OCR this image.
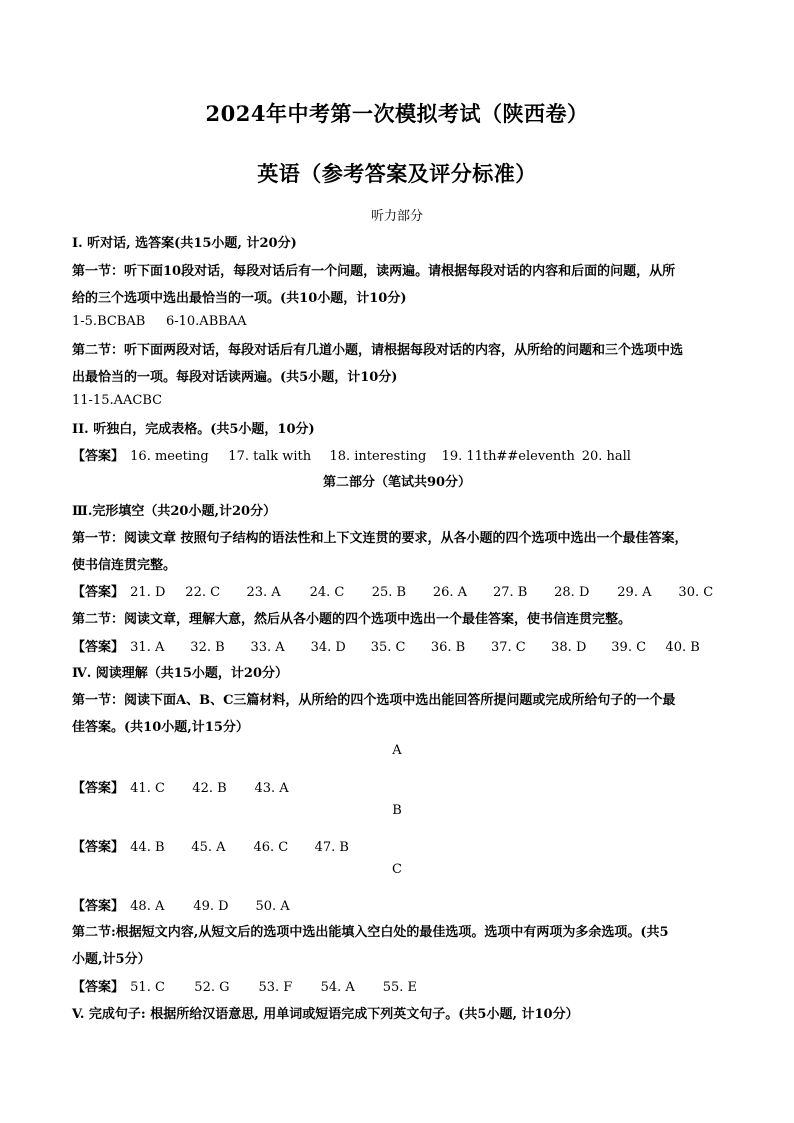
2024年中考第一次模拟考试（陕西卷）
英语（参考答案及评分标准）
听力部分
I. 听对话, 选答案(共15小题, 计20分)
第一节：听下面10段对话，每段对话后有一个问题，读两遍。请根据每段对话的内容和后面的问题，从所
给的三个选项中选出最恰当的一项。(共10小题，计10分)
1-5.BCBAB     6-10.ABBAA
第二节：听下面两段对话，每段对话后有几道小题，请根据每段对话的内容，从所给的问题和三个选项中选
出最恰当的一项。每段对话读两遍。(共5小题，计10分)
11-15.AACBC
II. 听独白，完成表格。(共5小题，10分)
【答案】 16. meeting 17. talk with 18. interesting 19. 11th##eleventh 20. hall
第二部分（笔试共90分）
Ⅲ.完形填空（共20小题,计20分）
第一节：阅读文章 按照句子结构的语法性和上下文连贯的要求，从各小题的四个选项中选出一个最佳答案，
使书信连贯完整。
【答案】 21. D 22. C 23. A 24. C 25. B 26. A 27. B 28. D 29. A 30. C
第二节：阅读文章，理解大意，然后从各小题的四个选项中选出一个最佳答案，使书信连贯完整。
【答案】 31. A 32. B 33. A 34. D 35. C 36. B 37. C 38. D 39. C 40. B
Ⅳ. 阅读理解（共15小题，计20分）
第一节：阅读下面A、B、C三篇材料，从所给的四个选项中选出能回答所提问题或完成所给句子的一个最
佳答案。(共10小题,计15分）
A
【答案】 41. C 42. B 43. A
B
【答案】 44. B 45. A 46. C 47. B
C
【答案】 48. A 49. D 50. A
第二节:根据短文内容,从短文后的选项中选出能填入空白处的最佳选项。选项中有两项为多余选项。(共5
小题,计5分）
【答案】 51. C 52. G 53. F 54. A 55. E
V. 完成句子: 根据所给汉语意思, 用单词或短语完成下列英文句子。(共5小题, 计10分）
